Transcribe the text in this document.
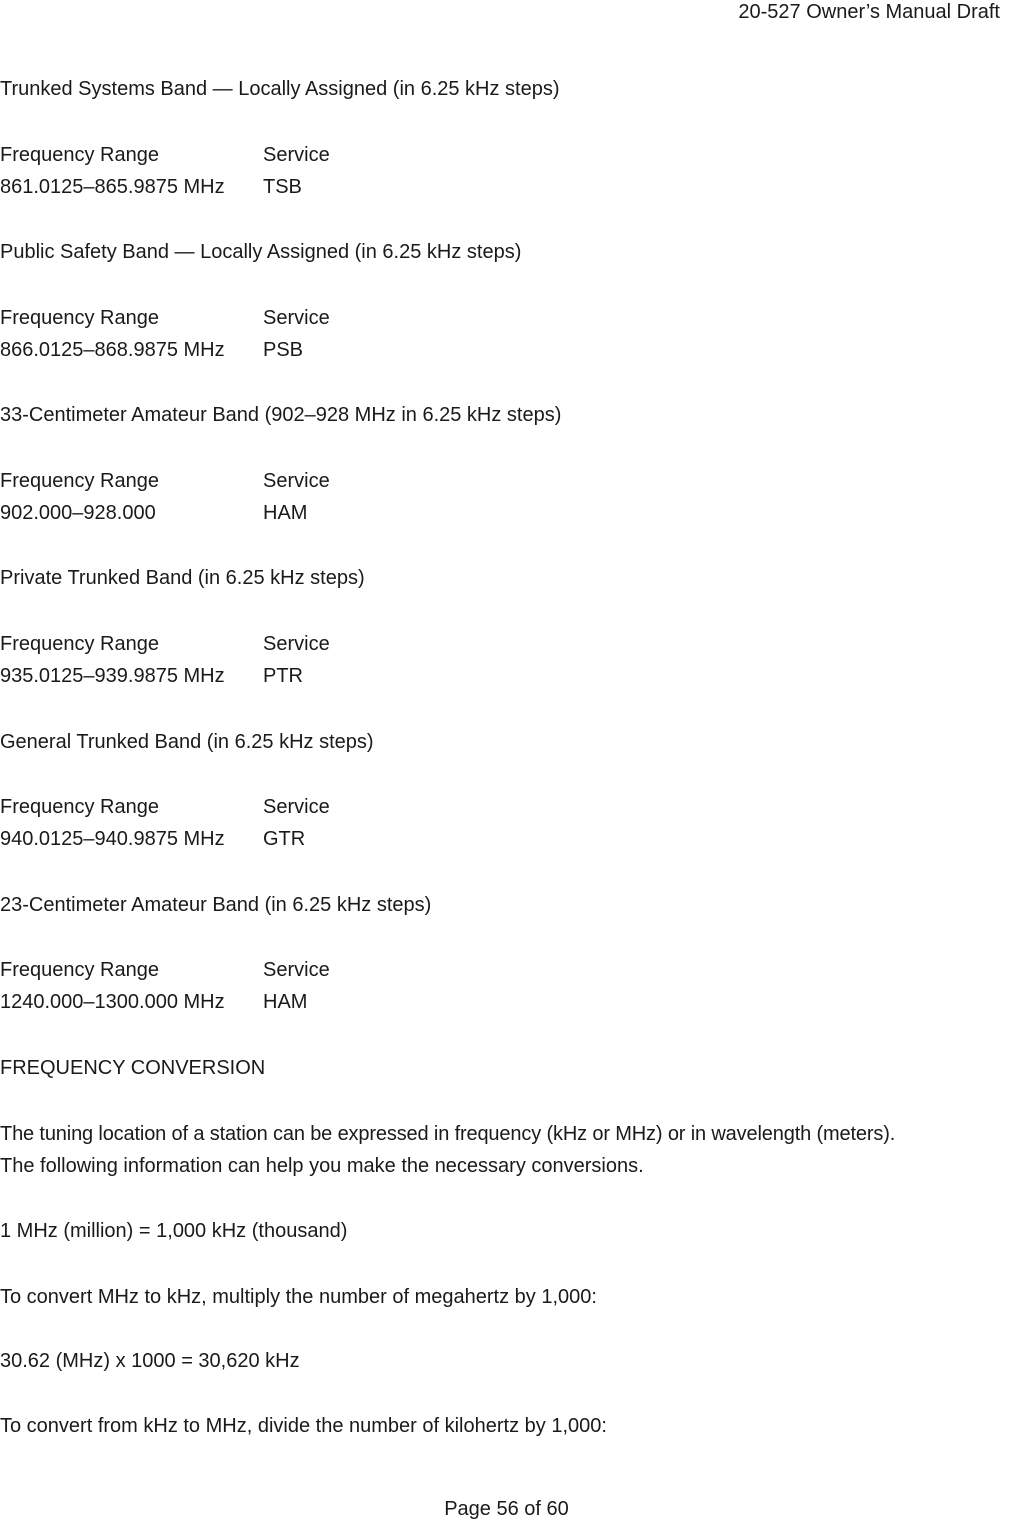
20-527 Owner’s Manual Draft
Trunked Systems Band — Locally Assigned (in 6.25 kHz steps)
Frequency Range	Service
861.0125–865.9875 MHz TSB
Public Safety Band — Locally Assigned (in 6.25 kHz steps)
Frequency Range	Service
866.0125–868.9875 MHz PSB
33-Centimeter Amateur Band (902–928 MHz in 6.25 kHz steps)
Frequency Range	Service
902.000–928.000	HAM
Private Trunked Band (in 6.25 kHz steps)
Frequency Range	Service
935.0125–939.9875 MHz PTR
General Trunked Band (in 6.25 kHz steps)
Frequency Range	Service
940.0125–940.9875 MHz GTR
23-Centimeter Amateur Band (in 6.25 kHz steps)
Frequency Range	Service
1240.000–1300.000 MHz HAM
FREQUENCY CONVERSION
The tuning location of a station can be expressed in frequency (kHz or MHz) or in wavelength (meters).
The following information can help you make the necessary conversions.
1 MHz (million) = 1,000 kHz (thousand)
To convert MHz to kHz, multiply the number of megahertz by 1,000:
30.62 (MHz) x 1000 = 30,620 kHz
To convert from kHz to MHz, divide the number of kilohertz by 1,000:
Page 56 of 60
